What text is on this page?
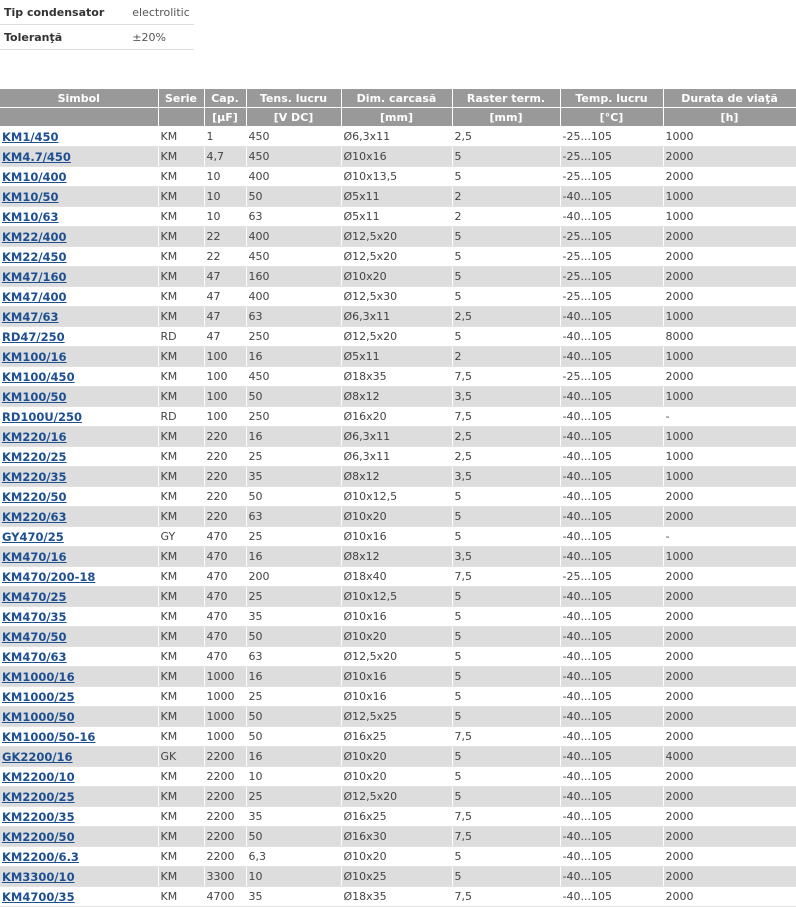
Tip condensator	electrolitic
Toleranţă	±20%
Simbol	Serie	Cap.	Tens. lucru	Dim. carcasă	Raster term.	Temp. lucru	Durata de viaţă
		[μF]	[V DC]	[mm]	[mm]	[°C]	[h]
KM1/450	KM	1	450	Ø6,3x11	2,5	-25...105	1000
KM4.7/450	KM	4,7	450	Ø10x16	5	-25...105	2000
KM10/400	KM	10	400	Ø10x13,5	5	-25...105	2000
KM10/50	KM	10	50	Ø5x11	2	-40...105	1000
KM10/63	KM	10	63	Ø5x11	2	-40...105	1000
KM22/400	KM	22	400	Ø12,5x20	5	-25...105	2000
KM22/450	KM	22	450	Ø12,5x20	5	-25...105	2000
KM47/160	KM	47	160	Ø10x20	5	-25...105	2000
KM47/400	KM	47	400	Ø12,5x30	5	-25...105	2000
KM47/63	KM	47	63	Ø6,3x11	2,5	-40...105	1000
RD47/250	RD	47	250	Ø12,5x20	5	-40...105	8000
KM100/16	KM	100	16	Ø5x11	2	-40...105	1000
KM100/450	KM	100	450	Ø18x35	7,5	-25...105	2000
KM100/50	KM	100	50	Ø8x12	3,5	-40...105	1000
RD100U/250	RD	100	250	Ø16x20	7,5	-40...105	-
KM220/16	KM	220	16	Ø6,3x11	2,5	-40...105	1000
KM220/25	KM	220	25	Ø6,3x11	2,5	-40...105	1000
KM220/35	KM	220	35	Ø8x12	3,5	-40...105	1000
KM220/50	KM	220	50	Ø10x12,5	5	-40...105	2000
KM220/63	KM	220	63	Ø10x20	5	-40...105	2000
GY470/25	GY	470	25	Ø10x16	5	-40...105	-
KM470/16	KM	470	16	Ø8x12	3,5	-40...105	1000
KM470/200-18	KM	470	200	Ø18x40	7,5	-25...105	2000
KM470/25	KM	470	25	Ø10x12,5	5	-40...105	2000
KM470/35	KM	470	35	Ø10x16	5	-40...105	2000
KM470/50	KM	470	50	Ø10x20	5	-40...105	2000
KM470/63	KM	470	63	Ø12,5x20	5	-40...105	2000
KM1000/16	KM	1000	16	Ø10x16	5	-40...105	2000
KM1000/25	KM	1000	25	Ø10x16	5	-40...105	2000
KM1000/50	KM	1000	50	Ø12,5x25	5	-40...105	2000
KM1000/50-16	KM	1000	50	Ø16x25	7,5	-40...105	2000
GK2200/16	GK	2200	16	Ø10x20	5	-40...105	4000
KM2200/10	KM	2200	10	Ø10x20	5	-40...105	2000
KM2200/25	KM	2200	25	Ø12,5x20	5	-40...105	2000
KM2200/35	KM	2200	35	Ø16x25	7,5	-40...105	2000
KM2200/50	KM	2200	50	Ø16x30	7,5	-40...105	2000
KM2200/6.3	KM	2200	6,3	Ø10x20	5	-40...105	2000
KM3300/10	KM	3300	10	Ø10x25	5	-40...105	2000
KM4700/35	KM	4700	35	Ø18x35	7,5	-40...105	2000
